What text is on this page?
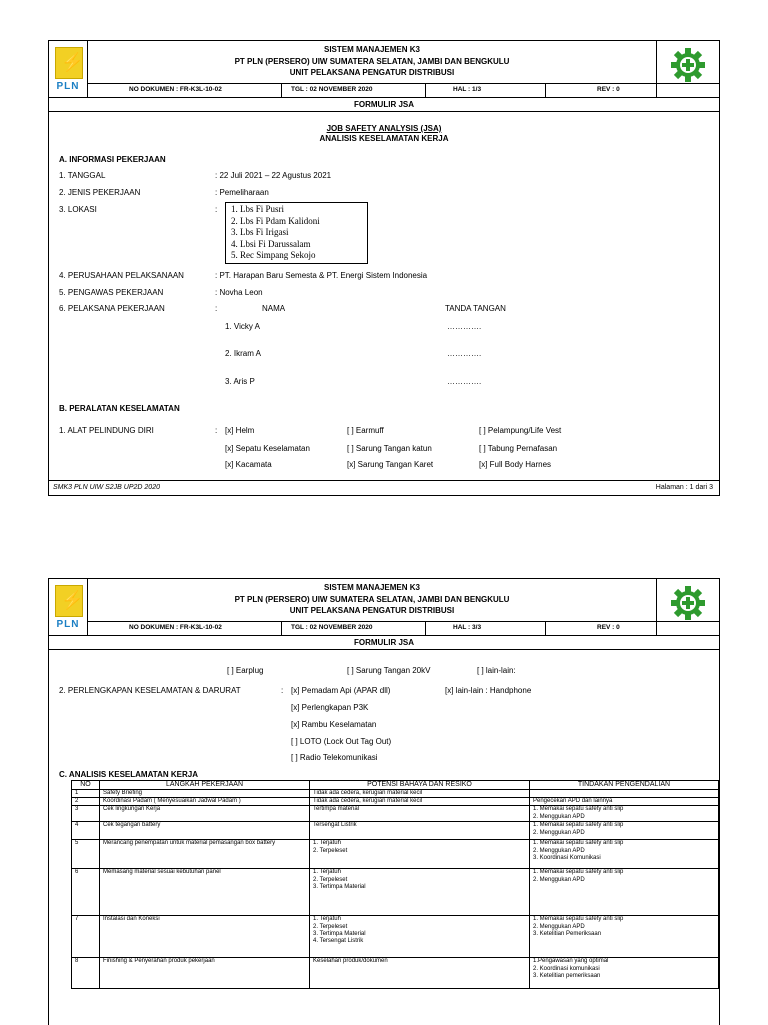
⚡
PLN
SISTEM MANAJEMEN K3
PT PLN (PERSERO) UIW SUMATERA SELATAN, JAMBI DAN BENGKULU
UNIT PELAKSANA PENGATUR DISTRIBUSI
NO DOKUMEN : FR-K3L-10-02	TGL : 02 NOVEMBER 2020	HAL : 1/3	REV : 0
FORMULIR JSA
JOB SAFETY ANALYSIS (JSA)
ANALISIS KESELAMATAN KERJA
A. INFORMASI PEKERJAAN
1. TANGGAL	: 22 Juli 2021 – 22 Agustus 2021
2. JENIS PEKERJAAN	: Pemeliharaan
3. LOKASI	: 1. Lbs Fi Pusri
2. Lbs Fi Pdam Kalidoni
3. Lbs Fi Irigasi
4. Lbsi Fi Darussalam
5. Rec Simpang Sekojo
4. PERUSAHAAN PELAKSANAAN	: PT. Harapan Baru Semesta & PT. Energi Sistem Indonesia
5. PENGAWAS PEKERJAAN	: Novha Leon
6. PELAKSANA PEKERJAAN	:	NAMA	TANDA TANGAN
1. Vicky A	………….
2. Ikram A	………….
3. Aris P	………….
B. PERALATAN KESELAMATAN
1. ALAT PELINDUNG DIRI	: [x] Helm	[ ] Earmuff	[ ] Pelampung/Life Vest
[x] Sepatu Keselamatan	[ ] Sarung Tangan katun	[ ] Tabung Pernafasan
[x] Kacamata	[x] Sarung Tangan Karet	[x] Full Body Harnes
SMK3 PLN UIW S2JB UP2D 2020	Halaman : 1 dari 3
⚡
PLN
SISTEM MANAJEMEN K3
PT PLN (PERSERO) UIW SUMATERA SELATAN, JAMBI DAN BENGKULU
UNIT PELAKSANA PENGATUR DISTRIBUSI
NO DOKUMEN : FR-K3L-10-02	TGL : 02 NOVEMBER 2020	HAL : 3/3	REV : 0
FORMULIR JSA
[ ] Earplug	[ ] Sarung Tangan 20kV	[ ] lain-lain:
2. PERLENGKAPAN KESELAMATAN & DARURAT	: [x] Pemadam Api (APAR dll)	[x] lain-lain : Handphone
[x] Perlengkapan P3K
[x] Rambu Keselamatan
[ ] LOTO (Lock Out Tag Out)
[ ] Radio Telekomunikasi
C. ANALISIS KESELAMATAN KERJA
NO	LANGKAH PEKERJAAN	POTENSI BAHAYA DAN RESIKO	TINDAKAN PENGENDALIAN
1	Safety Briefing	Tidak ada cedera, kerugian material kecil	
2	Koordinasi Padam ( Menyesuaikan Jadwal Padam )	Tidak ada cedera, kerugian material kecil	Pengecekan APD dan lainnya
3	Cek lingkungan Kerja	Tertimpa material	1. Memakai sepatu safety anti slip
2. Menggukan APD
4	Cek tegangan battery	Tersengat Listrik	1. Memakai sepatu safety anti slip
2. Menggukan APD
5	Merancang penempatan untuk material pemasangan box battery	1. Terjatuh
2. Terpeleset	1. Memakai sepatu safety anti slip
2. Menggukan APD
3. Koordinasi Komunikasi
6	Memasang material sesuai kebutuhan panel	1. Terjatuh
2. Terpeleset
3. Tertimpa Material	1. Memakai sepatu safety anti slip
2. Menggukan APD
7	Instalasi dan Koneksi	1. Terjatuh
2. Terpeleset
3. Tertimpa Material
4. Tersengat Listrik	1. Memakai sepatu safety anti slip
2. Menggukan APD
3. Ketelitian Pemeriksaan
8	Finishing & Penyerahan produk pekerjaan	Keselahan produk/dokumen	1.Pengawasan yang optimal
2. Koordinasi komunikasi
3. Ketelitian pemeriksaan
